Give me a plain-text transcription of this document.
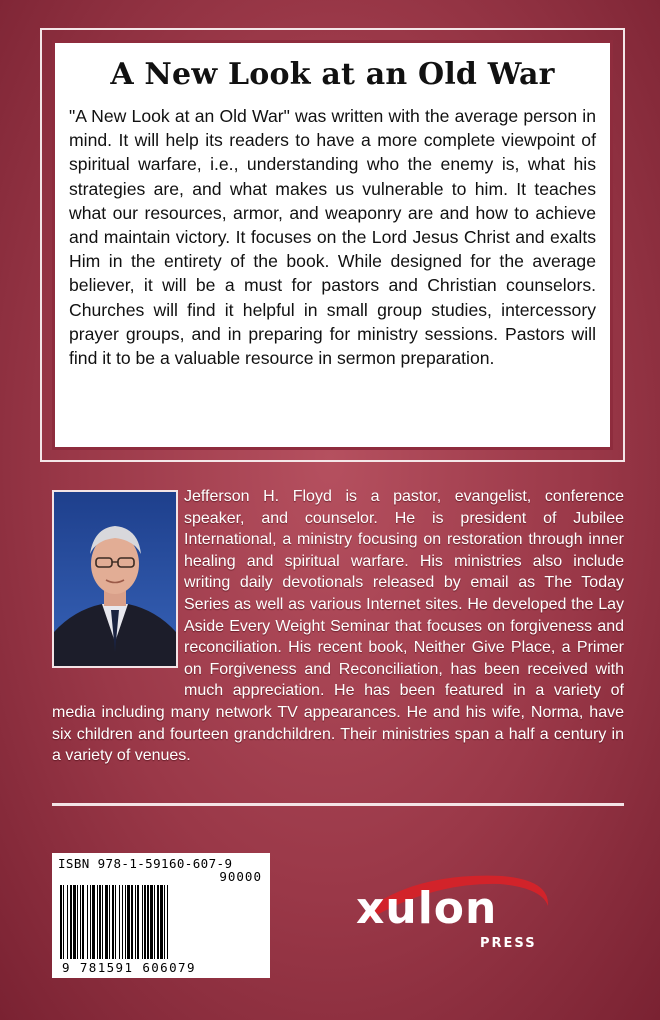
A New Look at an Old War

"A New Look at an Old War" was written with the average person in mind. It will help its readers to have a more complete viewpoint of spiritual warfare, i.e., understanding who the enemy is, what his strategies are, and what makes us vulnerable to him. It teaches what our resources, armor, and weaponry are and how to achieve and maintain victory. It focuses on the Lord Jesus Christ and exalts Him in the entirety of the book. While designed for the average believer, it will be a must for pastors and Christian counselors. Churches will find it helpful in small group studies, intercessory prayer groups, and in preparing for ministry sessions. Pastors will find it to be a valuable resource in sermon preparation.

Jefferson H. Floyd is a pastor, evangelist, conference speaker, and counselor. He is president of Jubilee International, a ministry focusing on restoration through inner healing and spiritual warfare. His ministries also include writing daily devotionals released by email as The Today Series as well as various Internet sites. He developed the Lay Aside Every Weight Seminar that focuses on forgiveness and reconciliation. His recent book, Neither Give Place, a Primer on Forgiveness and Reconciliation, has been received with much appreciation. He has been featured in a variety of media including many network TV appearances. He and his wife, Norma, have six children and fourteen grandchildren. Their ministries span a half a century in a variety of venues.

ISBN 978-1-59160-607-9
90000
9 781591 606079
xulon
PRESS
